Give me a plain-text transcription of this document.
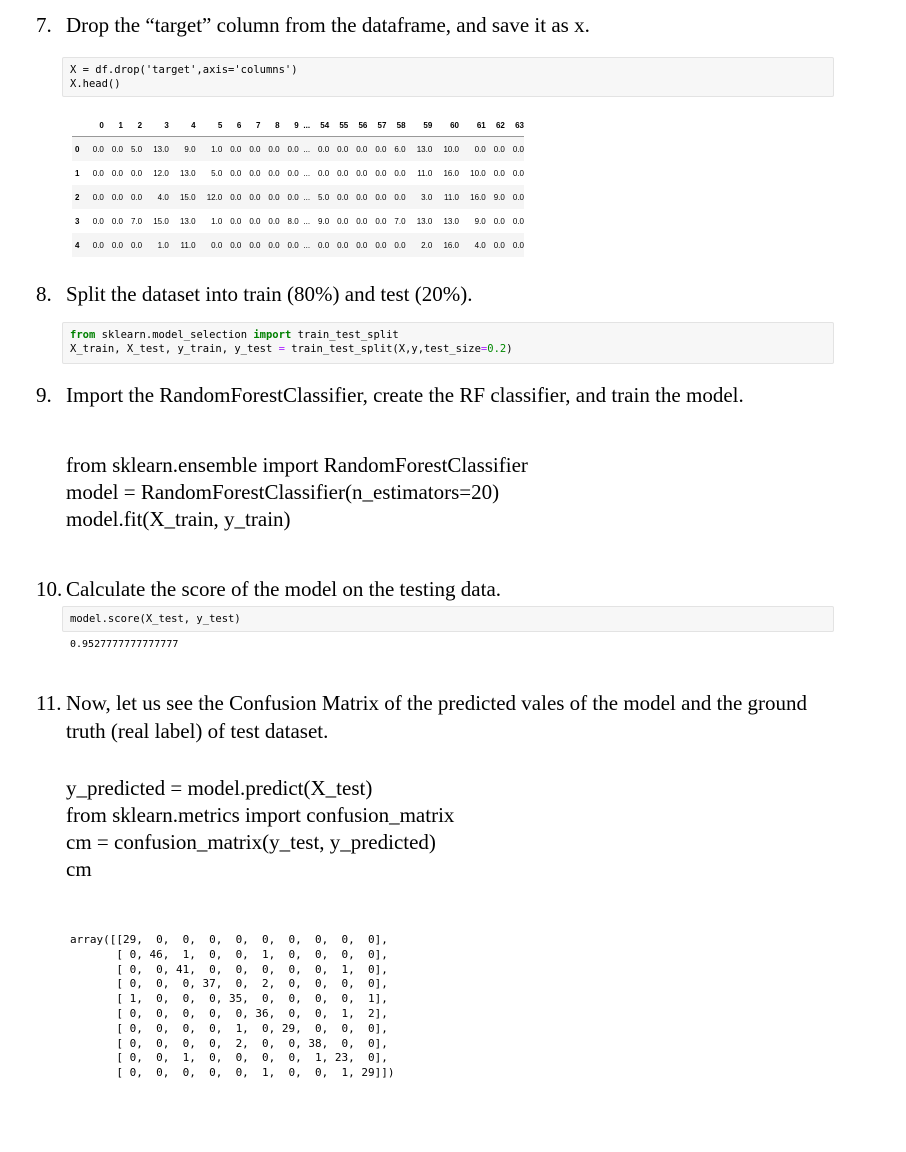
7. Drop the “target” column from the dataframe, and save it as x.
X = df.drop('target',axis='columns')
X.head()
	0	1	2	3	4	5	6	7	8	9	...	54	55	56	57	58	59	60	61	62	63
0	0.0	0.0	5.0	13.0	9.0	1.0	0.0	0.0	0.0	0.0	...	0.0	0.0	0.0	0.0	6.0	13.0	10.0	0.0	0.0	0.0
1	0.0	0.0	0.0	12.0	13.0	5.0	0.0	0.0	0.0	0.0	...	0.0	0.0	0.0	0.0	0.0	11.0	16.0	10.0	0.0	0.0
2	0.0	0.0	0.0	4.0	15.0	12.0	0.0	0.0	0.0	0.0	...	5.0	0.0	0.0	0.0	0.0	3.0	11.0	16.0	9.0	0.0
3	0.0	0.0	7.0	15.0	13.0	1.0	0.0	0.0	0.0	8.0	...	9.0	0.0	0.0	0.0	7.0	13.0	13.0	9.0	0.0	0.0
4	0.0	0.0	0.0	1.0	11.0	0.0	0.0	0.0	0.0	0.0	...	0.0	0.0	0.0	0.0	0.0	2.0	16.0	4.0	0.0	0.0
8. Split the dataset into train (80%) and test (20%).
from sklearn.model_selection import train_test_split
X_train, X_test, y_train, y_test = train_test_split(X,y,test_size=0.2)
9. Import the RandomForestClassifier, create the RF classifier, and train the model.
from sklearn.ensemble import RandomForestClassifier
model = RandomForestClassifier(n_estimators=20)
model.fit(X_train, y_train)
10. Calculate the score of the model on the testing data.
model.score(X_test, y_test)
0.9527777777777777
11. Now, let us see the Confusion Matrix of the predicted vales of the model and the ground
truth (real label) of test dataset.
y_predicted = model.predict(X_test)
from sklearn.metrics import confusion_matrix
cm = confusion_matrix(y_test, y_predicted)
cm
array([[29,  0,  0,  0,  0,  0,  0,  0,  0,  0],
[ 0, 46,  1,  0,  0,  1,  0,  0,  0,  0],
[ 0,  0, 41,  0,  0,  0,  0,  0,  1,  0],
[ 0,  0,  0, 37,  0,  2,  0,  0,  0,  0],
[ 1,  0,  0,  0, 35,  0,  0,  0,  0,  1],
[ 0,  0,  0,  0,  0, 36,  0,  0,  1,  2],
[ 0,  0,  0,  0,  1,  0, 29,  0,  0,  0],
[ 0,  0,  0,  0,  2,  0,  0, 38,  0,  0],
[ 0,  0,  1,  0,  0,  0,  0,  1, 23,  0],
[ 0,  0,  0,  0,  0,  1,  0,  0,  1, 29]])
